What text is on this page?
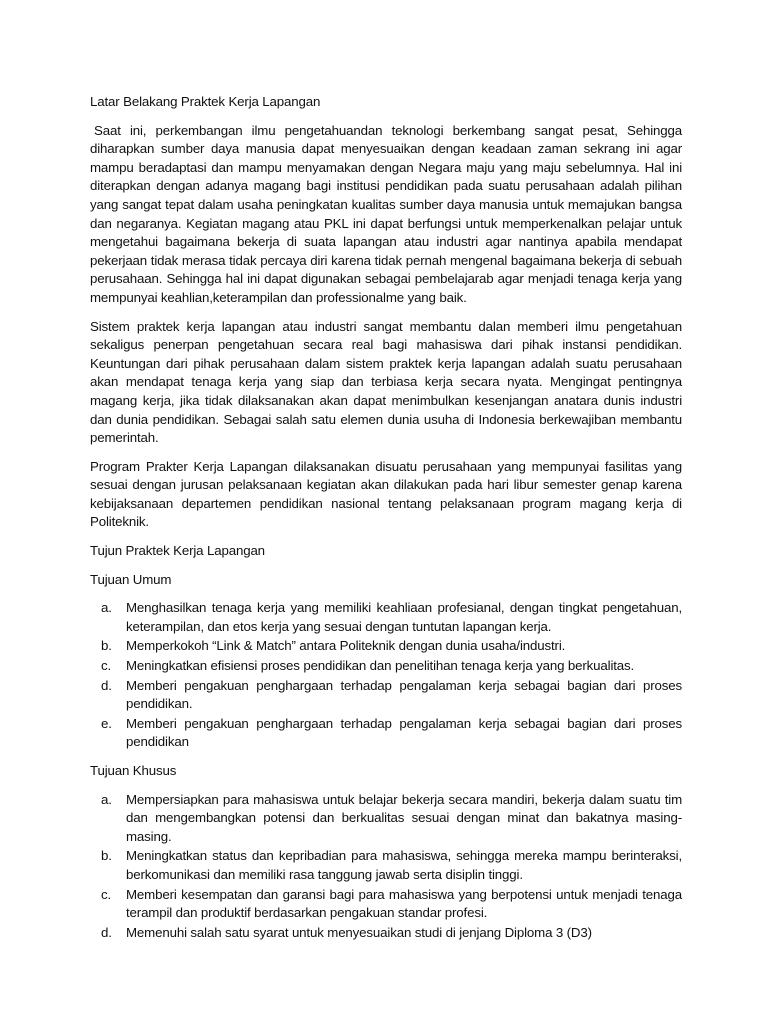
Latar Belakang Praktek Kerja Lapangan

Saat ini, perkembangan ilmu pengetahuandan teknologi berkembang sangat pesat, Sehingga diharapkan sumber daya manusia dapat menyesuaikan dengan keadaan zaman sekrang ini agar mampu beradaptasi dan mampu menyamakan dengan Negara maju yang maju sebelumnya. Hal ini diterapkan dengan adanya magang bagi institusi pendidikan pada suatu perusahaan adalah pilihan yang sangat tepat dalam usaha peningkatan kualitas sumber daya manusia untuk memajukan bangsa dan negaranya. Kegiatan magang atau PKL ini dapat berfungsi untuk memperkenalkan pelajar untuk mengetahui bagaimana bekerja di suata lapangan atau industri agar nantinya apabila mendapat pekerjaan tidak merasa tidak percaya diri karena tidak pernah mengenal bagaimana bekerja di sebuah perusahaan. Sehingga hal ini dapat digunakan sebagai pembelajarab agar menjadi tenaga kerja yang mempunyai keahlian,keterampilan dan professionalme yang baik.

Sistem praktek kerja lapangan atau industri sangat membantu dalan memberi ilmu pengetahuan sekaligus penerpan pengetahuan secara real bagi mahasiswa dari pihak instansi pendidikan. Keuntungan dari pihak perusahaan dalam sistem praktek kerja lapangan adalah suatu perusahaan akan mendapat tenaga kerja yang siap dan terbiasa kerja secara nyata. Mengingat pentingnya magang kerja, jika tidak dilaksanakan akan dapat menimbulkan kesenjangan anatara dunis industri dan dunia pendidikan. Sebagai salah satu elemen dunia usuha di Indonesia berkewajiban membantu pemerintah.

Program Prakter Kerja Lapangan dilaksanakan disuatu perusahaan yang mempunyai fasilitas yang sesuai dengan jurusan pelaksanaan kegiatan akan dilakukan pada hari libur semester genap karena kebijaksanaan departemen pendidikan nasional tentang pelaksanaan program magang kerja di Politeknik.

Tujun Praktek Kerja Lapangan
Tujuan Umum
a. Menghasilkan tenaga kerja yang memiliki keahliaan profesianal, dengan tingkat pengetahuan, keterampilan, dan etos kerja yang sesuai dengan tuntutan lapangan kerja.
b. Memperkokoh “Link & Match” antara Politeknik dengan dunia usaha/industri.
c. Meningkatkan efisiensi proses pendidikan dan penelitihan tenaga kerja yang berkualitas.
d. Memberi pengakuan penghargaan terhadap pengalaman kerja sebagai bagian dari proses pendidikan.
e. Memberi pengakuan penghargaan terhadap pengalaman kerja sebagai bagian dari proses pendidikan
Tujuan Khusus
a. Mempersiapkan para mahasiswa untuk belajar bekerja secara mandiri, bekerja dalam suatu tim dan mengembangkan potensi dan berkualitas sesuai dengan minat dan bakatnya masing-masing.
b. Meningkatkan status dan kepribadian para mahasiswa, sehingga mereka mampu berinteraksi, berkomunikasi dan memiliki rasa tanggung jawab serta disiplin tinggi.
c. Memberi kesempatan dan garansi bagi para mahasiswa yang berpotensi untuk menjadi tenaga terampil dan produktif berdasarkan pengakuan standar profesi.
d. Memenuhi salah satu syarat untuk menyesuaikan studi di jenjang Diploma 3 (D3)
